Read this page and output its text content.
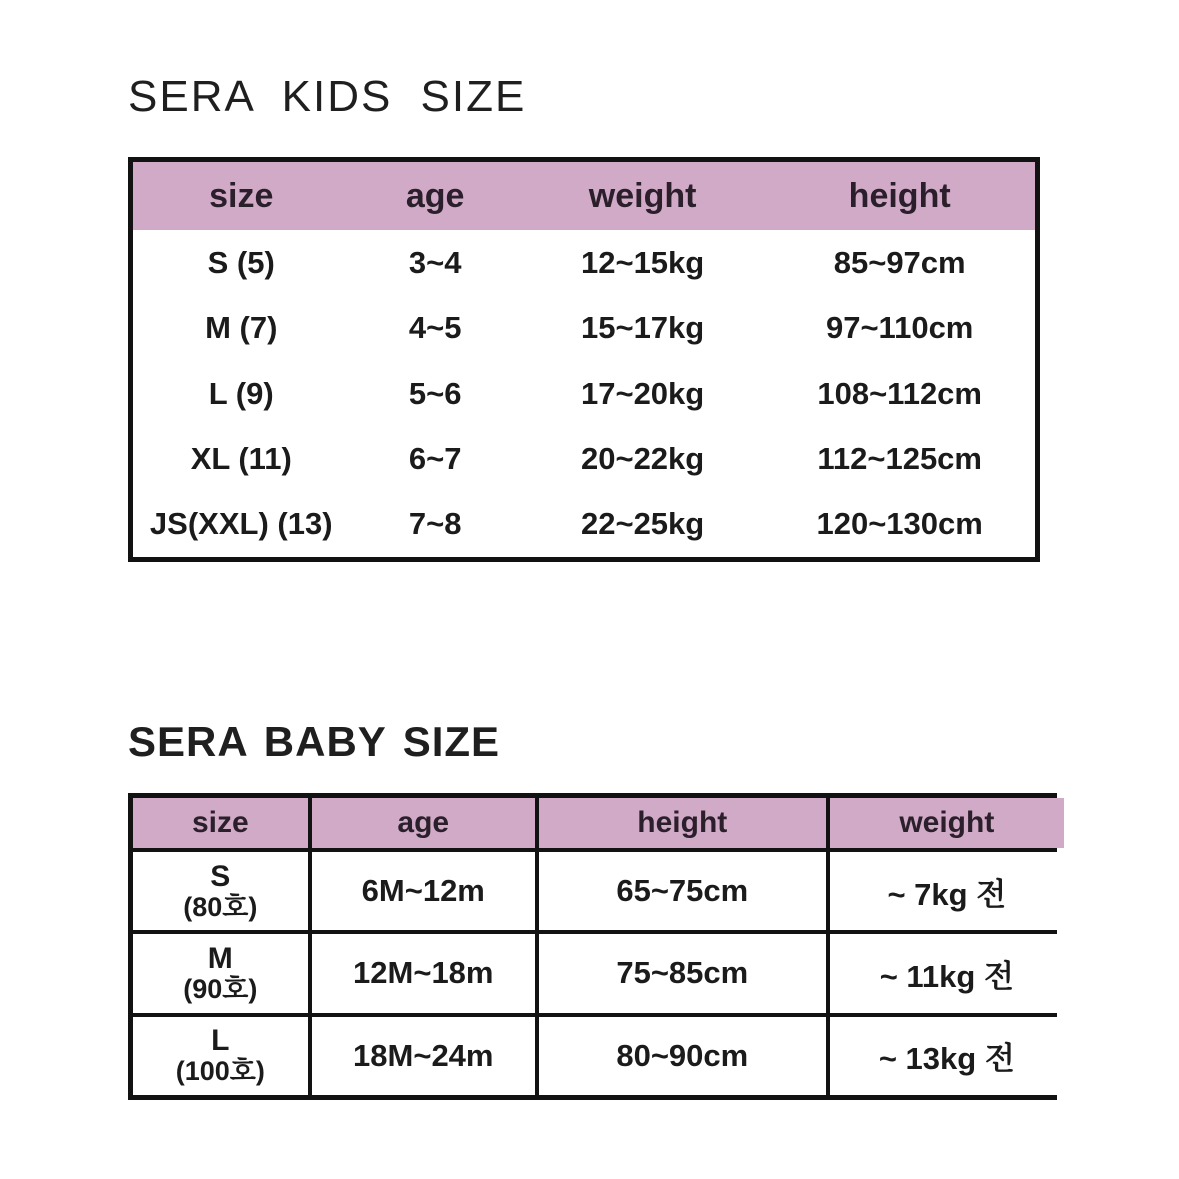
SERA KIDS SIZE
size	age	weight	height
S (5)	3~4	12~15kg	85~97cm
M (7)	4~5	15~17kg	97~110cm
L (9)	5~6	17~20kg	108~112cm
XL (11)	6~7	20~22kg	112~125cm
JS(XXL) (13)	7~8	22~25kg	120~130cm
SERA BABY SIZE
size	age	height	weight
S
(80호)	6M~12m	65~75cm	~ 7kg 전
M
(90호)	12M~18m	75~85cm	~ 11kg 전
L
(100호)	18M~24m	80~90cm	~ 13kg 전
